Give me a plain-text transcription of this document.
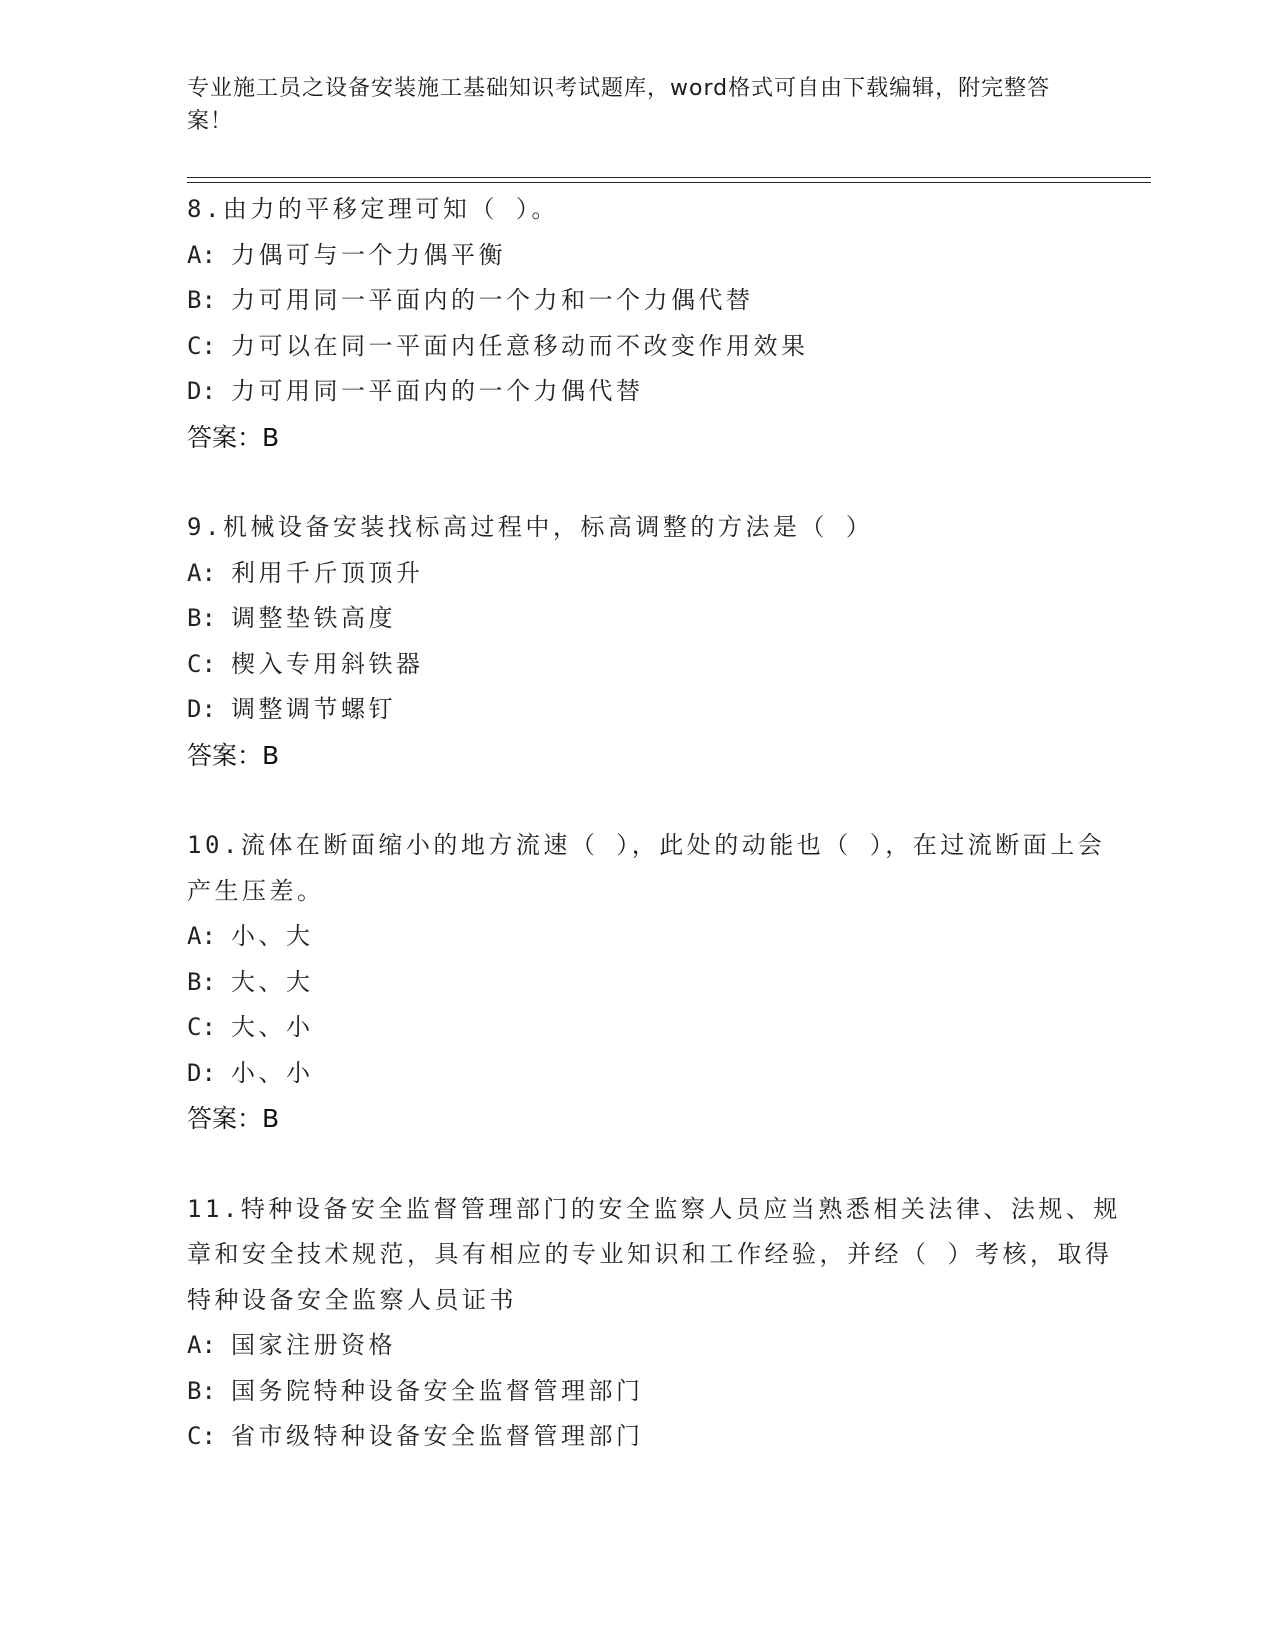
专业施工员之设备安装施工基础知识考试题库，word格式可自由下载编辑，附完整答案！

8.由力的平移定理可知（ ）。

A: 力偶可与一个力偶平衡

B: 力可用同一平面内的一个力和一个力偶代替

C: 力可以在同一平面内任意移动而不改变作用效果

D: 力可用同一平面内的一个力偶代替

答案：B

9.机械设备安装找标高过程中，标高调整的方法是（ ）

A: 利用千斤顶顶升

B: 调整垫铁高度

C: 楔入专用斜铁器

D: 调整调节螺钉

答案：B

10.流体在断面缩小的地方流速（ ），此处的动能也（ ），在过流断面上会产生压差。

A: 小、大

B: 大、大

C: 大、小

D: 小、小

答案：B

11.特种设备安全监督管理部门的安全监察人员应当熟悉相关法律、法规、规章和安全技术规范，具有相应的专业知识和工作经验，并经（ ）考核，取得特种设备安全监察人员证书

A: 国家注册资格

B: 国务院特种设备安全监督管理部门

C: 省市级特种设备安全监督管理部门
